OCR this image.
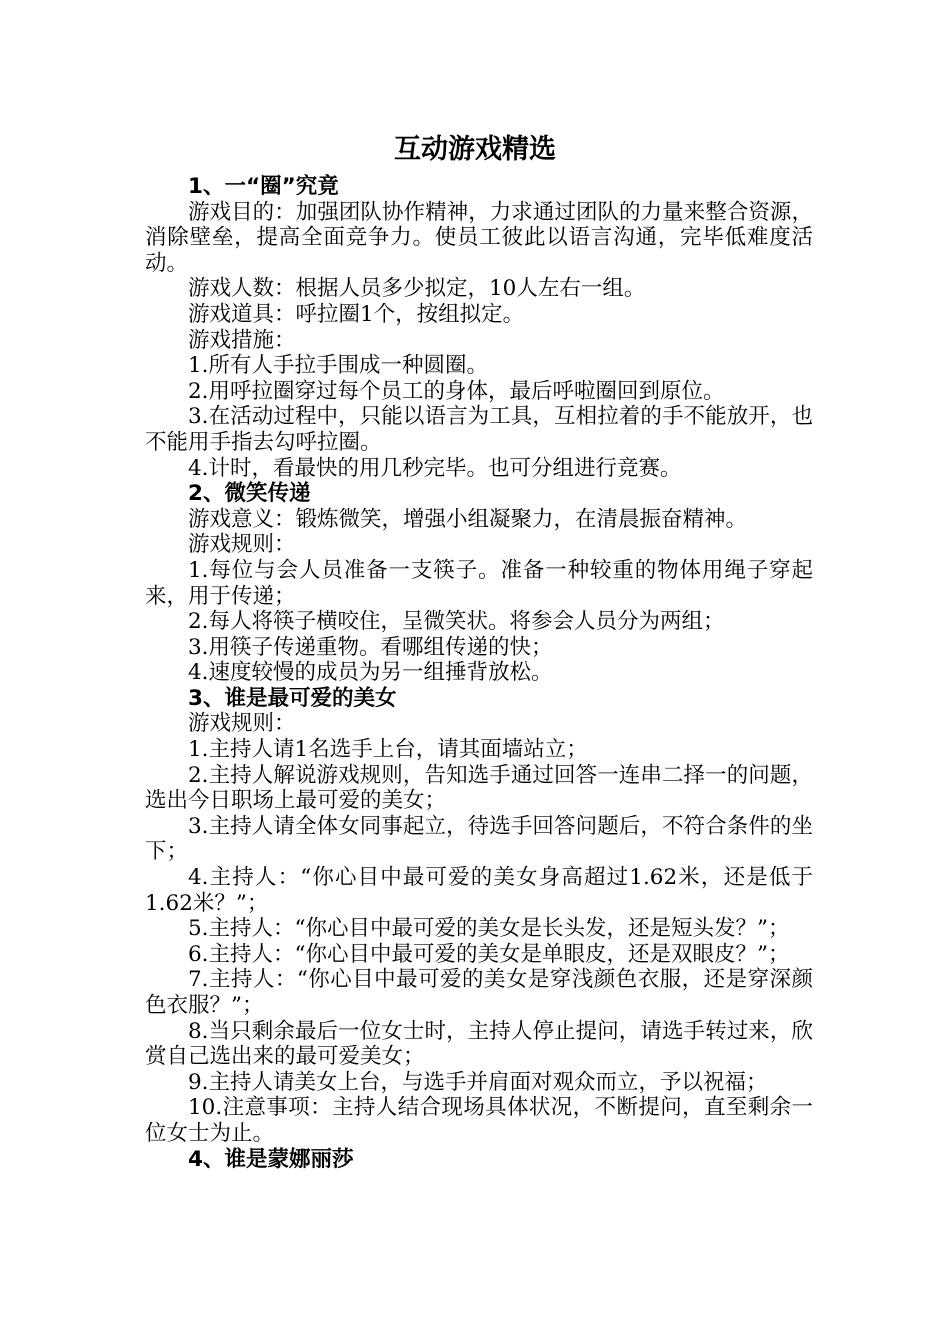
互动游戏精选

1、一“圈”究竟

游戏目的：加强团队协作精神，力求通过团队的力量来整合资源，消除壁垒，提高全面竞争力。使员工彼此以语言沟通，完毕低难度活动。

游戏人数：根据人员多少拟定，10人左右一组。

游戏道具：呼拉圈1个，按组拟定。

游戏措施：

1.所有人手拉手围成一种圆圈。

2.用呼拉圈穿过每个员工的身体，最后呼啦圈回到原位。

3.在活动过程中，只能以语言为工具，互相拉着的手不能放开，也不能用手指去勾呼拉圈。

4.计时，看最快的用几秒完毕。也可分组进行竞赛。

2、微笑传递

游戏意义：锻炼微笑，增强小组凝聚力，在清晨振奋精神。

游戏规则：

1.每位与会人员准备一支筷子。准备一种较重的物体用绳子穿起来，用于传递；

2.每人将筷子横咬住，呈微笑状。将参会人员分为两组；

3.用筷子传递重物。看哪组传递的快；

4.速度较慢的成员为另一组捶背放松。

3、谁是最可爱的美女

游戏规则：

1.主持人请1名选手上台，请其面墙站立；

2.主持人解说游戏规则，告知选手通过回答一连串二择一的问题，选出今日职场上最可爱的美女；

3.主持人请全体女同事起立，待选手回答问题后，不符合条件的坐下；

4.主持人：“你心目中最可爱的美女身高超过1.62米，还是低于1.62米？”；

5.主持人：“你心目中最可爱的美女是长头发，还是短头发？”；

6.主持人：“你心目中最可爱的美女是单眼皮，还是双眼皮？”；

7.主持人：“你心目中最可爱的美女是穿浅颜色衣服，还是穿深颜色衣服？”；

8.当只剩余最后一位女士时，主持人停止提问，请选手转过来，欣赏自己选出来的最可爱美女；

9.主持人请美女上台，与选手并肩面对观众而立，予以祝福；

10.注意事项：主持人结合现场具体状况，不断提问，直至剩余一位女士为止。

4、谁是蒙娜丽莎
